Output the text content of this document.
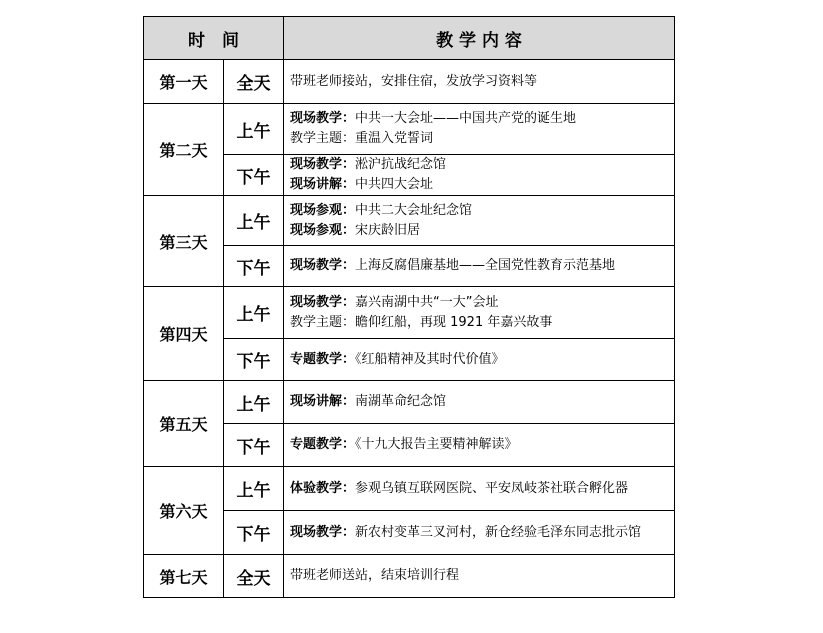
时　间		教 学 内 容
第一天	全天	带班老师接站，安排住宿，发放学习资料等

第二天	上午	现场教学：中共一大会址——中国共产党的诞生地
教学主题：重温入党誓词

	下午	现场教学：淞沪抗战纪念馆
现场讲解：中共四大会址

第三天	上午	现场参观：中共二大会址纪念馆
现场参观：宋庆龄旧居

	下午	现场教学：上海反腐倡廉基地——全国党性教育示范基地

第四天	上午	现场教学：嘉兴南湖中共“一大”会址
教学主题：瞻仰红船，再现 1921 年嘉兴故事

	下午	专题教学：《红船精神及其时代价值》

第五天	上午	现场讲解：南湖革命纪念馆

	下午	专题教学：《十九大报告主要精神解读》

第六天	上午	体验教学：参观乌镇互联网医院、平安凤岐茶社联合孵化器

	下午	现场教学：新农村变革三叉河村，新仓经验毛泽东同志批示馆

第七天	全天	带班老师送站，结束培训行程
